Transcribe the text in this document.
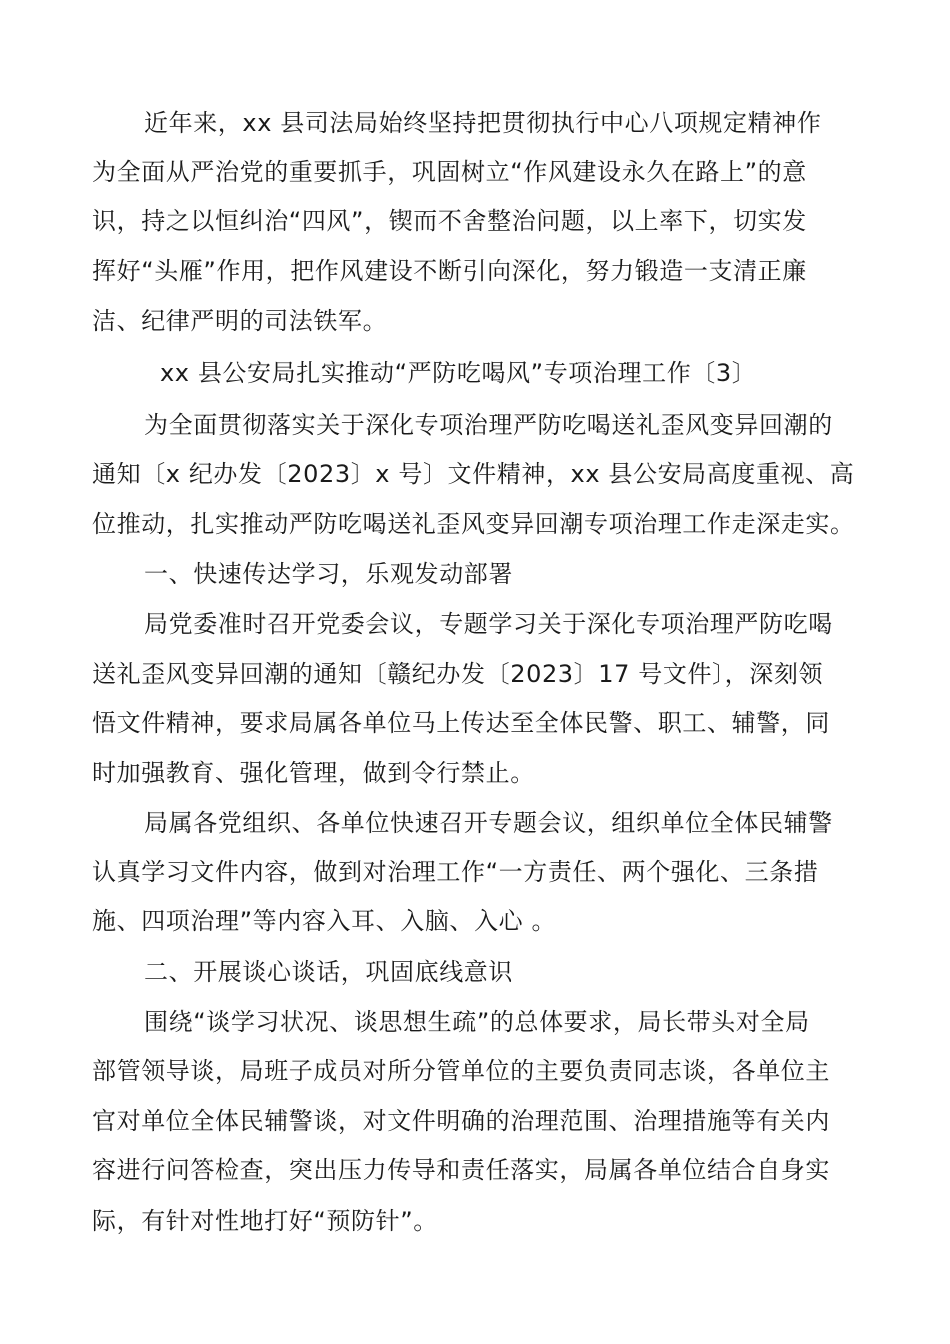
近年来，xx 县司法局始终坚持把贯彻执行中心八项规定精神作
为全面从严治党的重要抓手，巩固树立“作风建设永久在路上”的意
识，持之以恒纠治“四风”，锲而不舍整治问题，以上率下，切实发
挥好“头雁”作用，把作风建设不断引向深化，努力锻造一支清正廉
洁、纪律严明的司法铁军。
xx 县公安局扎实推动“严防吃喝风”专项治理工作〔3〕
为全面贯彻落实关于深化专项治理严防吃喝送礼歪风变异回潮的
通知〔x 纪办发〔2023〕x 号〕文件精神，xx 县公安局高度重视、高
位推动，扎实推动严防吃喝送礼歪风变异回潮专项治理工作走深走实。
一、快速传达学习，乐观发动部署
局党委准时召开党委会议，专题学习关于深化专项治理严防吃喝
送礼歪风变异回潮的通知〔赣纪办发〔2023〕17 号文件〕，深刻领
悟文件精神，要求局属各单位马上传达至全体民警、职工、辅警，同
时加强教育、强化管理，做到令行禁止。
局属各党组织、各单位快速召开专题会议，组织单位全体民辅警
认真学习文件内容，做到对治理工作“一方责任、两个强化、三条措
施、四项治理”等内容入耳、入脑、入心 。
二、开展谈心谈话，巩固底线意识
围绕“谈学习状况、谈思想生疏”的总体要求，局长带头对全局
部管领导谈，局班子成员对所分管单位的主要负责同志谈，各单位主
官对单位全体民辅警谈，对文件明确的治理范围、治理措施等有关内
容进行问答检查，突出压力传导和责任落实，局属各单位结合自身实
际，有针对性地打好“预防针”。
